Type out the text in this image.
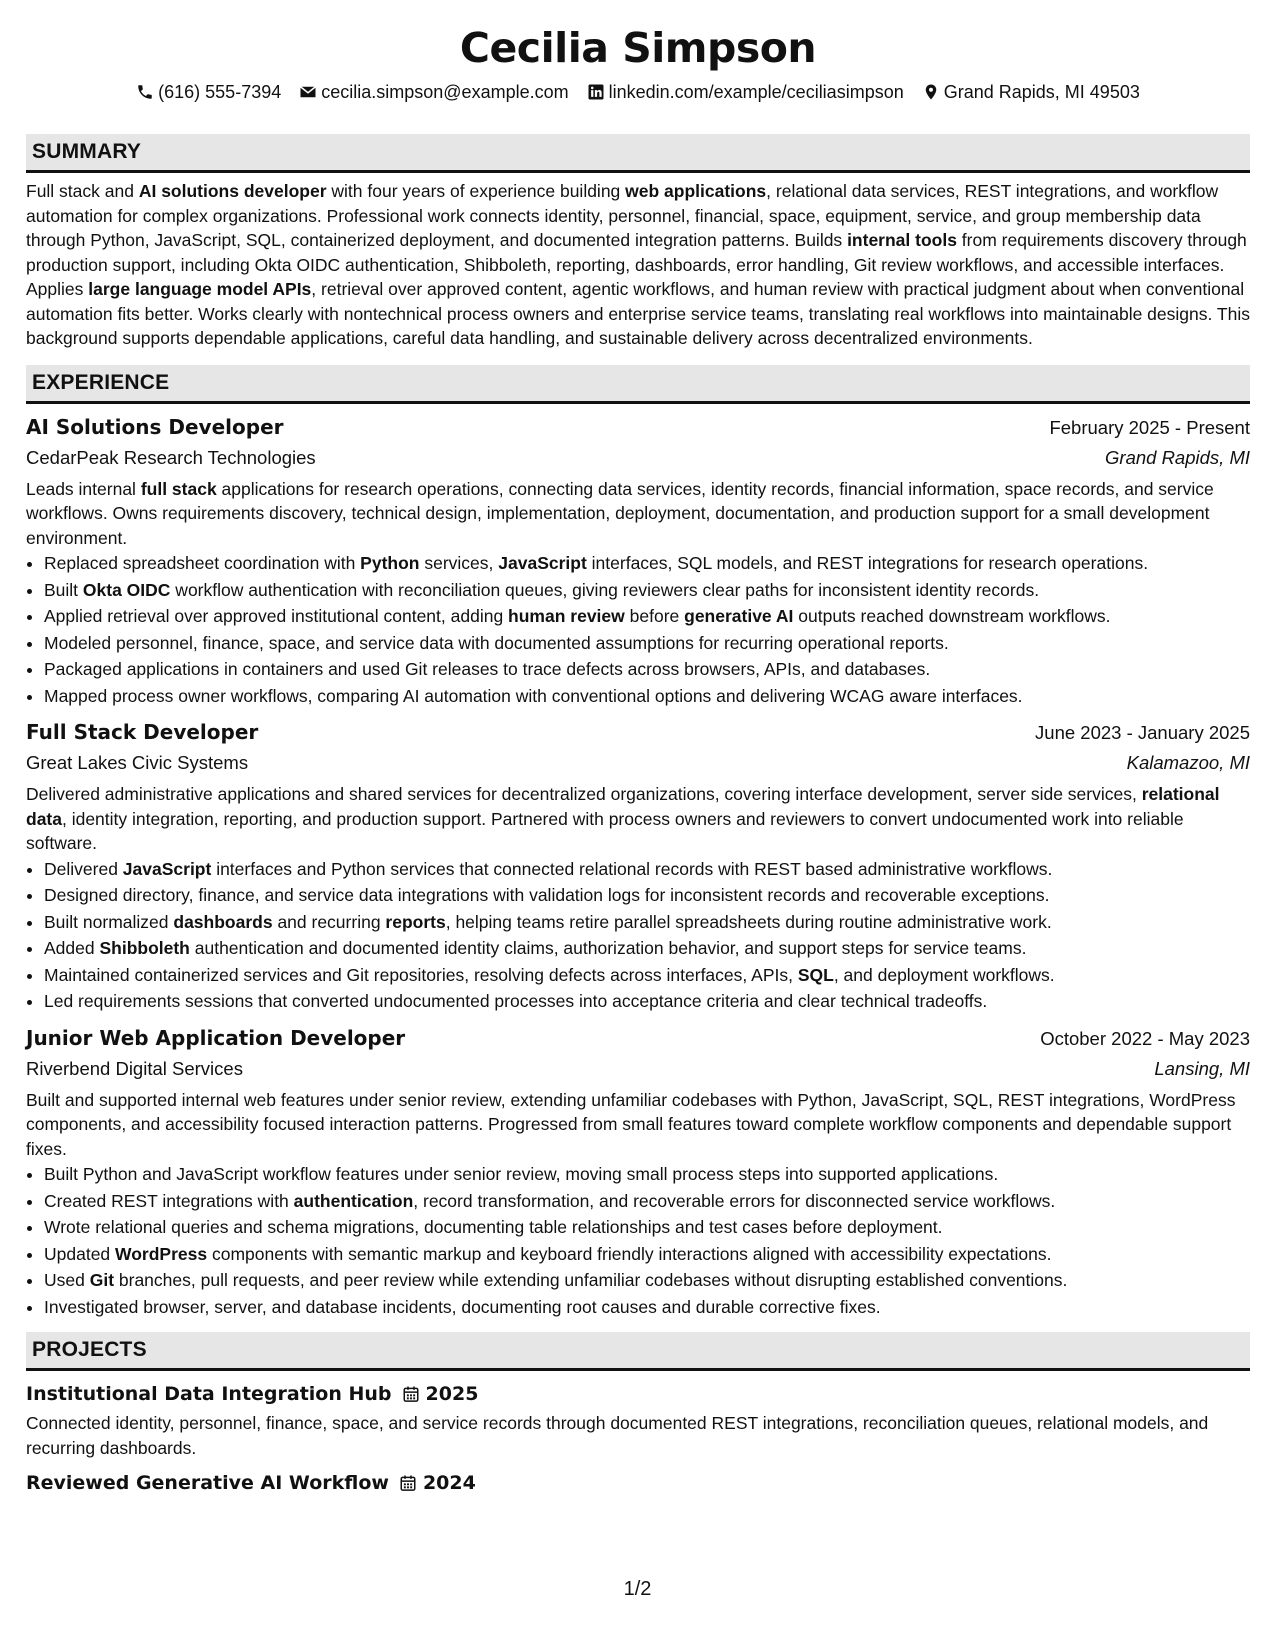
Cecilia Simpson
(616) 555-7394 cecilia.simpson@example.com linkedin.com/example/ceciliasimpson Grand Rapids, MI 49503
SUMMARY

Full stack and AI solutions developer with four years of experience building web applications, relational data services, REST integrations, and workflow automation for complex organizations. Professional work connects identity, personnel, financial, space, equipment, service, and group membership data through Python, JavaScript, SQL, containerized deployment, and documented integration patterns. Builds internal tools from requirements discovery through production support, including Okta OIDC authentication, Shibboleth, reporting, dashboards, error handling, Git review workflows, and accessible interfaces. Applies large language model APIs, retrieval over approved content, agentic workflows, and human review with practical judgment about when conventional automation fits better. Works clearly with nontechnical process owners and enterprise service teams, translating real workflows into maintainable designs. This background supports dependable applications, careful data handling, and sustainable delivery across decentralized environments.

EXPERIENCE
AI Solutions Developer	February 2025 - Present
CedarPeak Research Technologies	Grand Rapids, MI
Leads internal full stack applications for research operations, connecting data services, identity records, financial information, space records, and service workflows. Owns requirements discovery, technical design, implementation, deployment, documentation, and production support for a small development environment.
• Replaced spreadsheet coordination with Python services, JavaScript interfaces, SQL models, and REST integrations for research operations.
• Built Okta OIDC workflow authentication with reconciliation queues, giving reviewers clear paths for inconsistent identity records.
• Applied retrieval over approved institutional content, adding human review before generative AI outputs reached downstream workflows.
• Modeled personnel, finance, space, and service data with documented assumptions for recurring operational reports.
• Packaged applications in containers and used Git releases to trace defects across browsers, APIs, and databases.
• Mapped process owner workflows, comparing AI automation with conventional options and delivering WCAG aware interfaces.
Full Stack Developer	June 2023 - January 2025
Great Lakes Civic Systems	Kalamazoo, MI
Delivered administrative applications and shared services for decentralized organizations, covering interface development, server side services, relational data, identity integration, reporting, and production support. Partnered with process owners and reviewers to convert undocumented work into reliable software.
• Delivered JavaScript interfaces and Python services that connected relational records with REST based administrative workflows.
• Designed directory, finance, and service data integrations with validation logs for inconsistent records and recoverable exceptions.
• Built normalized dashboards and recurring reports, helping teams retire parallel spreadsheets during routine administrative work.
• Added Shibboleth authentication and documented identity claims, authorization behavior, and support steps for service teams.
• Maintained containerized services and Git repositories, resolving defects across interfaces, APIs, SQL, and deployment workflows.
• Led requirements sessions that converted undocumented processes into acceptance criteria and clear technical tradeoffs.
Junior Web Application Developer	October 2022 - May 2023
Riverbend Digital Services	Lansing, MI
Built and supported internal web features under senior review, extending unfamiliar codebases with Python, JavaScript, SQL, REST integrations, WordPress components, and accessibility focused interaction patterns. Progressed from small features toward complete workflow components and dependable support fixes.
• Built Python and JavaScript workflow features under senior review, moving small process steps into supported applications.
• Created REST integrations with authentication, record transformation, and recoverable errors for disconnected service workflows.
• Wrote relational queries and schema migrations, documenting table relationships and test cases before deployment.
• Updated WordPress components with semantic markup and keyboard friendly interactions aligned with accessibility expectations.
• Used Git branches, pull requests, and peer review while extending unfamiliar codebases without disrupting established conventions.
• Investigated browser, server, and database incidents, documenting root causes and durable corrective fixes.
PROJECTS
Institutional Data Integration Hub 2025
Connected identity, personnel, finance, space, and service records through documented REST integrations, reconciliation queues, relational models, and recurring dashboards.
Reviewed Generative AI Workflow 2024
1/2
